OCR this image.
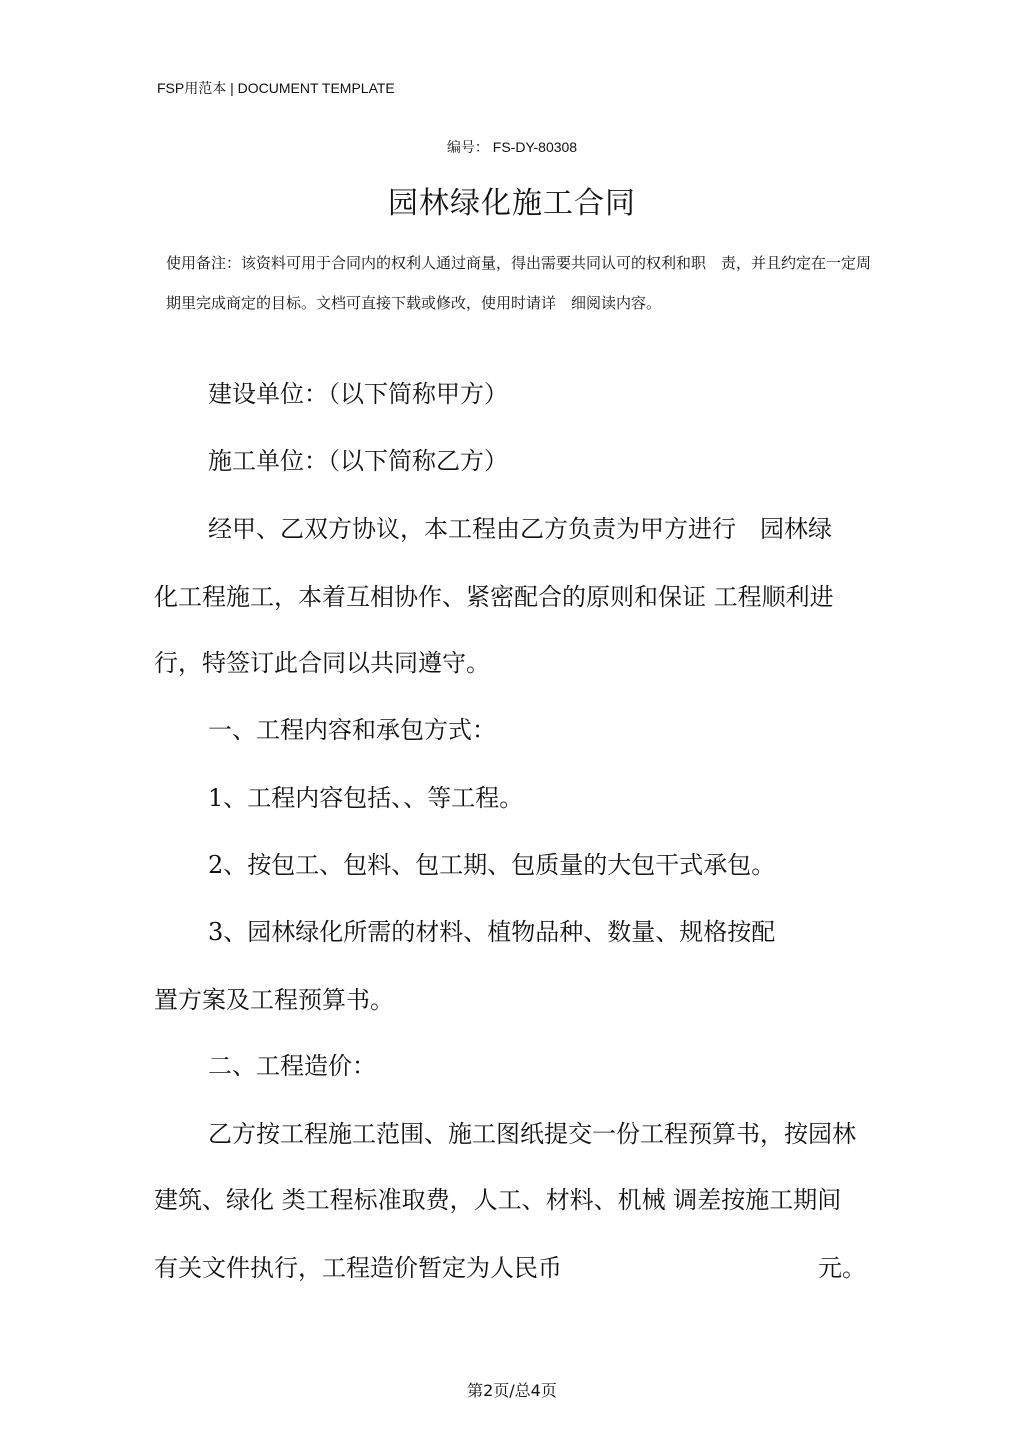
FSP用范本 | DOCUMENT TEMPLATE
编号： FS-DY-80308
园林绿化施工合同
使用备注：该资料可用于合同内的权利人通过商量，得出需要共同认可的权利和职　责，并且约定在一定周期里完成商定的目标。文档可直接下载或修改，使用时请详　细阅读内容。
建设单位：（以下简称甲方）
施工单位：（以下简称乙方）
经甲、乙双方协议，本工程由乙方负责为甲方进行　园林绿
化工程施工，本着互相协作、紧密配合的原则和保证 工程顺利进
行，特签订此合同以共同遵守。
一、工程内容和承包方式：
1、工程内容包括、、等工程。
2、按包工、包料、包工期、包质量的大包干式承包。
3、园林绿化所需的材料、植物品种、数量、规格按配
置方案及工程预算书。
二、工程造价：
乙方按工程施工范围、施工图纸提交一份工程预算书，按园林
建筑、绿化 类工程标准取费，人工、材料、机械 调差按施工期间
有关文件执行，工程造价暂定为人民币	元。
第2页/总4页
